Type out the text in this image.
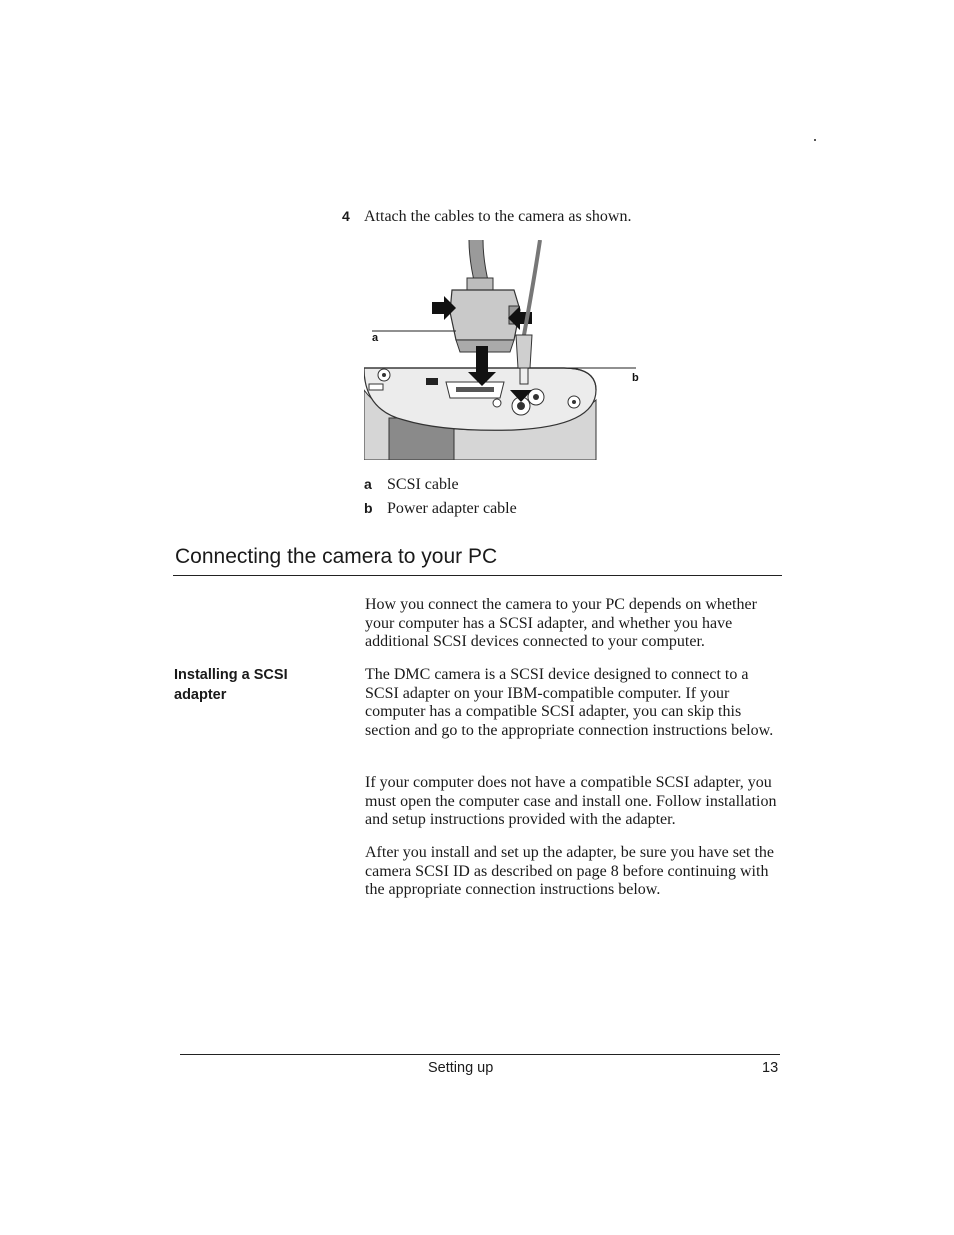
4 Attach the cables to the camera as shown.
a
b
a SCSI cable
b Power adapter cable
Connecting the camera to your PC

How you connect the camera to your PC depends on whether your computer has a SCSI adapter, and whether you have additional SCSI devices connected to your computer.

Installing a SCSI adapter

The DMC camera is a SCSI device designed to connect to a SCSI adapter on your IBM-compatible computer. If your computer has a compatible SCSI adapter, you can skip this section and go to the appropriate connection instructions below.

If your computer does not have a compatible SCSI adapter, you must open the computer case and install one. Follow installation and setup instructions provided with the adapter.

After you install and set up the adapter, be sure you have set the camera SCSI ID as described on page 8 before continuing with the appropriate connection instructions below.

Setting up	13
